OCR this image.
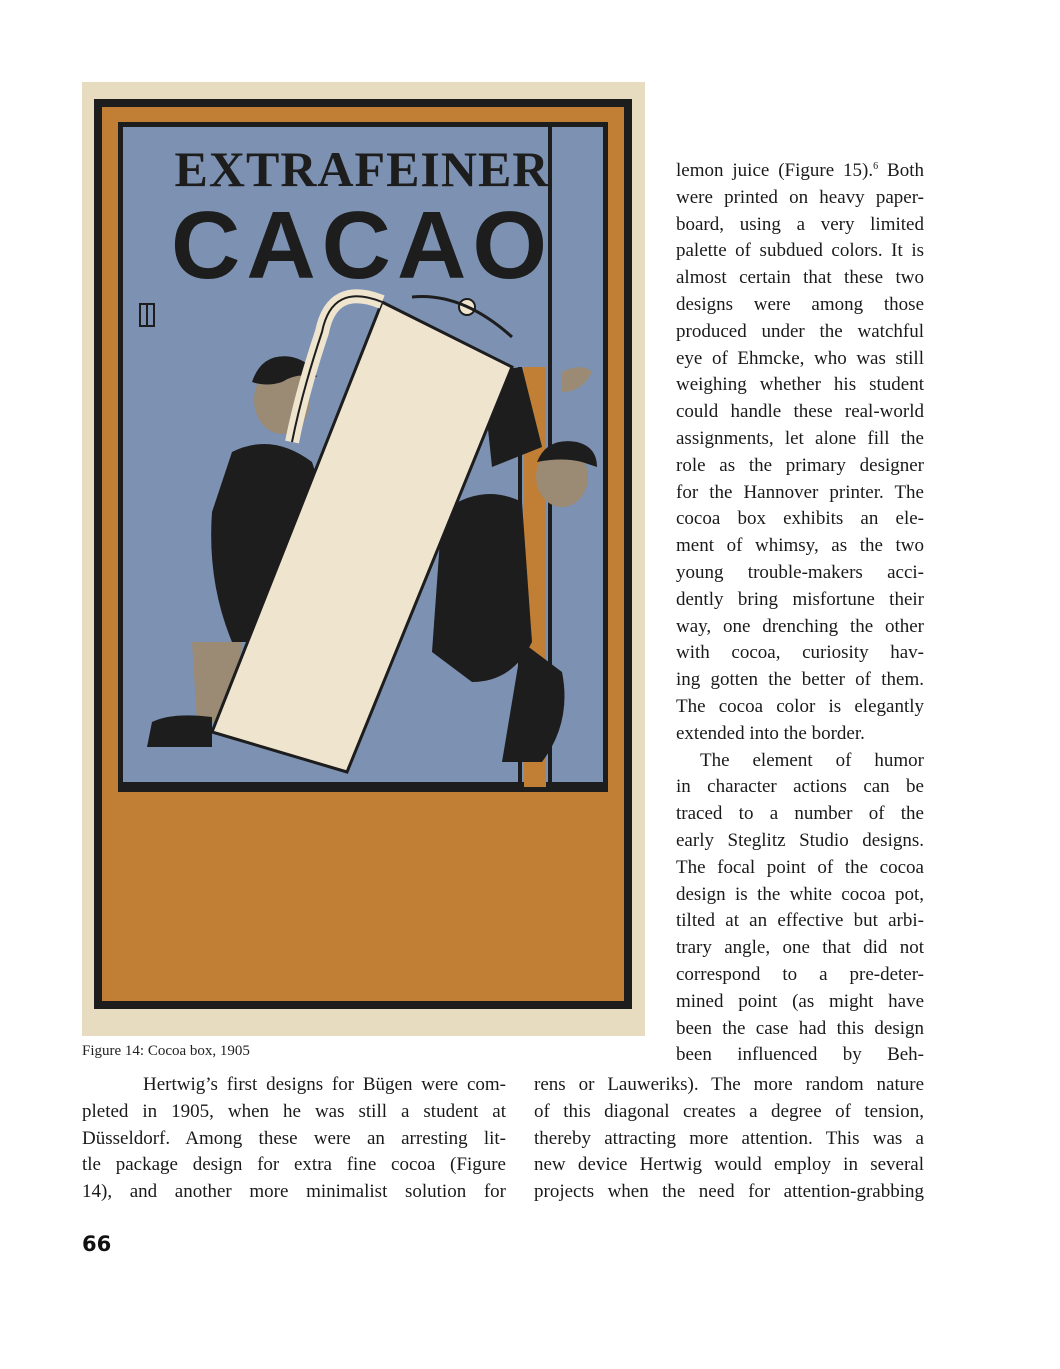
EXTRAFEINER
CACAO
Figure 14: Cocoa box, 1905
lemon juice (Figure 15).$^6$ Both
were printed on heavy paper-
board, using a very limited
palette of subdued colors. It is
almost certain that these two
designs were among those
produced under the watchful
eye of Ehmcke, who was still
weighing whether his student
could handle these real-world
assignments, let alone fill the
role as the primary designer
for the Hannover printer. The
cocoa box exhibits an ele-
ment of whimsy, as the two
young trouble-makers acci-
dently bring misfortune their
way, one drenching the other
with cocoa, curiosity hav-
ing gotten the better of them.
The cocoa color is elegantly
extended into the border.
The element of humor
in character actions can be
traced to a number of the
early Steglitz Studio designs.
The focal point of the cocoa
design is the white cocoa pot,
tilted at an effective but arbi-
trary angle, one that did not
correspond to a pre-deter-
mined point (as might have
been the case had this design
been influenced by Beh-
Hertwig’s first designs for Bügen were com-
pleted in 1905, when he was still a student at
Düsseldorf. Among these were an arresting lit-
tle package design for extra fine cocoa (Figure
14), and another more minimalist solution for
rens or Lauweriks). The more random nature
of this diagonal creates a degree of tension,
thereby attracting more attention. This was a
new device Hertwig would employ in several
projects when the need for attention-grabbing
66
